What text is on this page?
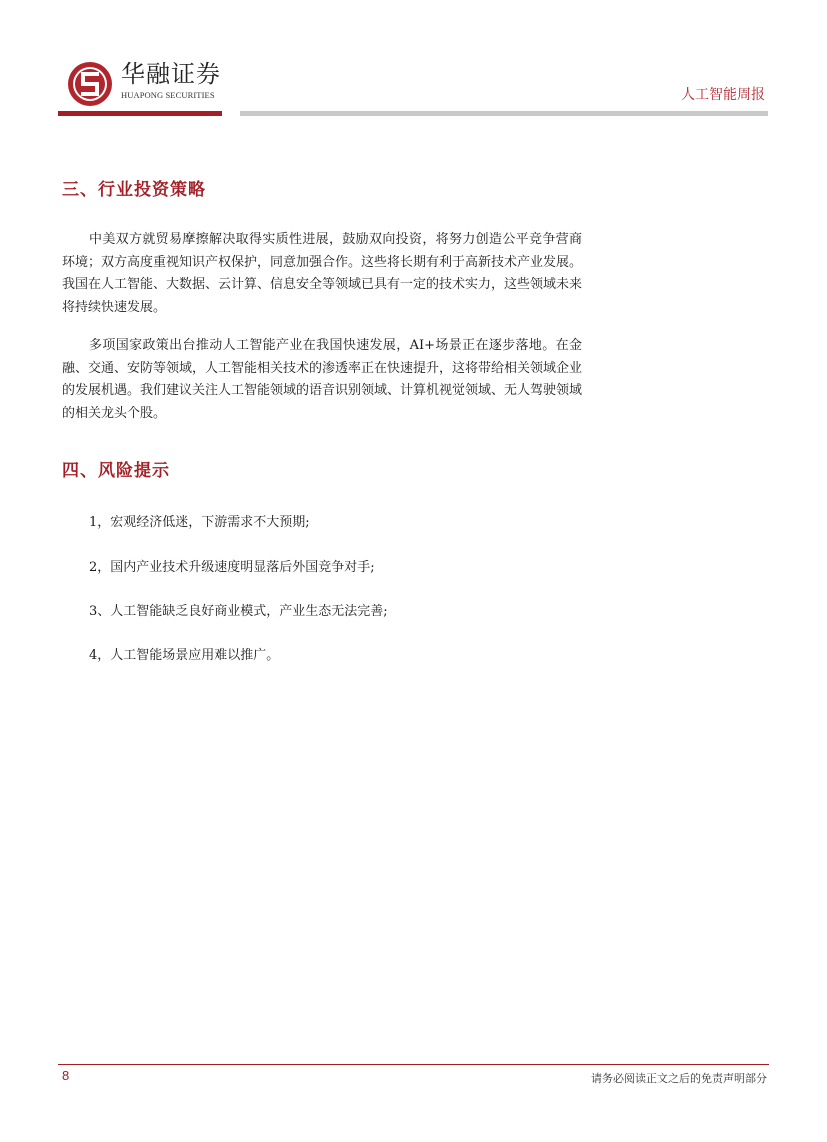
华融证券
HUAPONG SECURITIES	人工智能周报
三、行业投资策略

中美双方就贸易摩擦解决取得实质性进展，鼓励双向投资，将努力创造公平竞争营商环境；双方高度重视知识产权保护，同意加强合作。这些将长期有利于高新技术产业发展。我国在人工智能、大数据、云计算、信息安全等领域已具有一定的技术实力，这些领域未来将持续快速发展。

多项国家政策出台推动人工智能产业在我国快速发展，AI+场景正在逐步落地。在金融、交通、安防等领域，人工智能相关技术的渗透率正在快速提升，这将带给相关领域企业的发展机遇。我们建议关注人工智能领域的语音识别领域、计算机视觉领域、无人驾驶领域的相关龙头个股。

四、风险提示
1，宏观经济低迷，下游需求不大预期;
2，国内产业技术升级速度明显落后外国竞争对手;
3、人工智能缺乏良好商业模式，产业生态无法完善;
4，人工智能场景应用难以推广。
8	请务必阅读正文之后的免责声明部分
